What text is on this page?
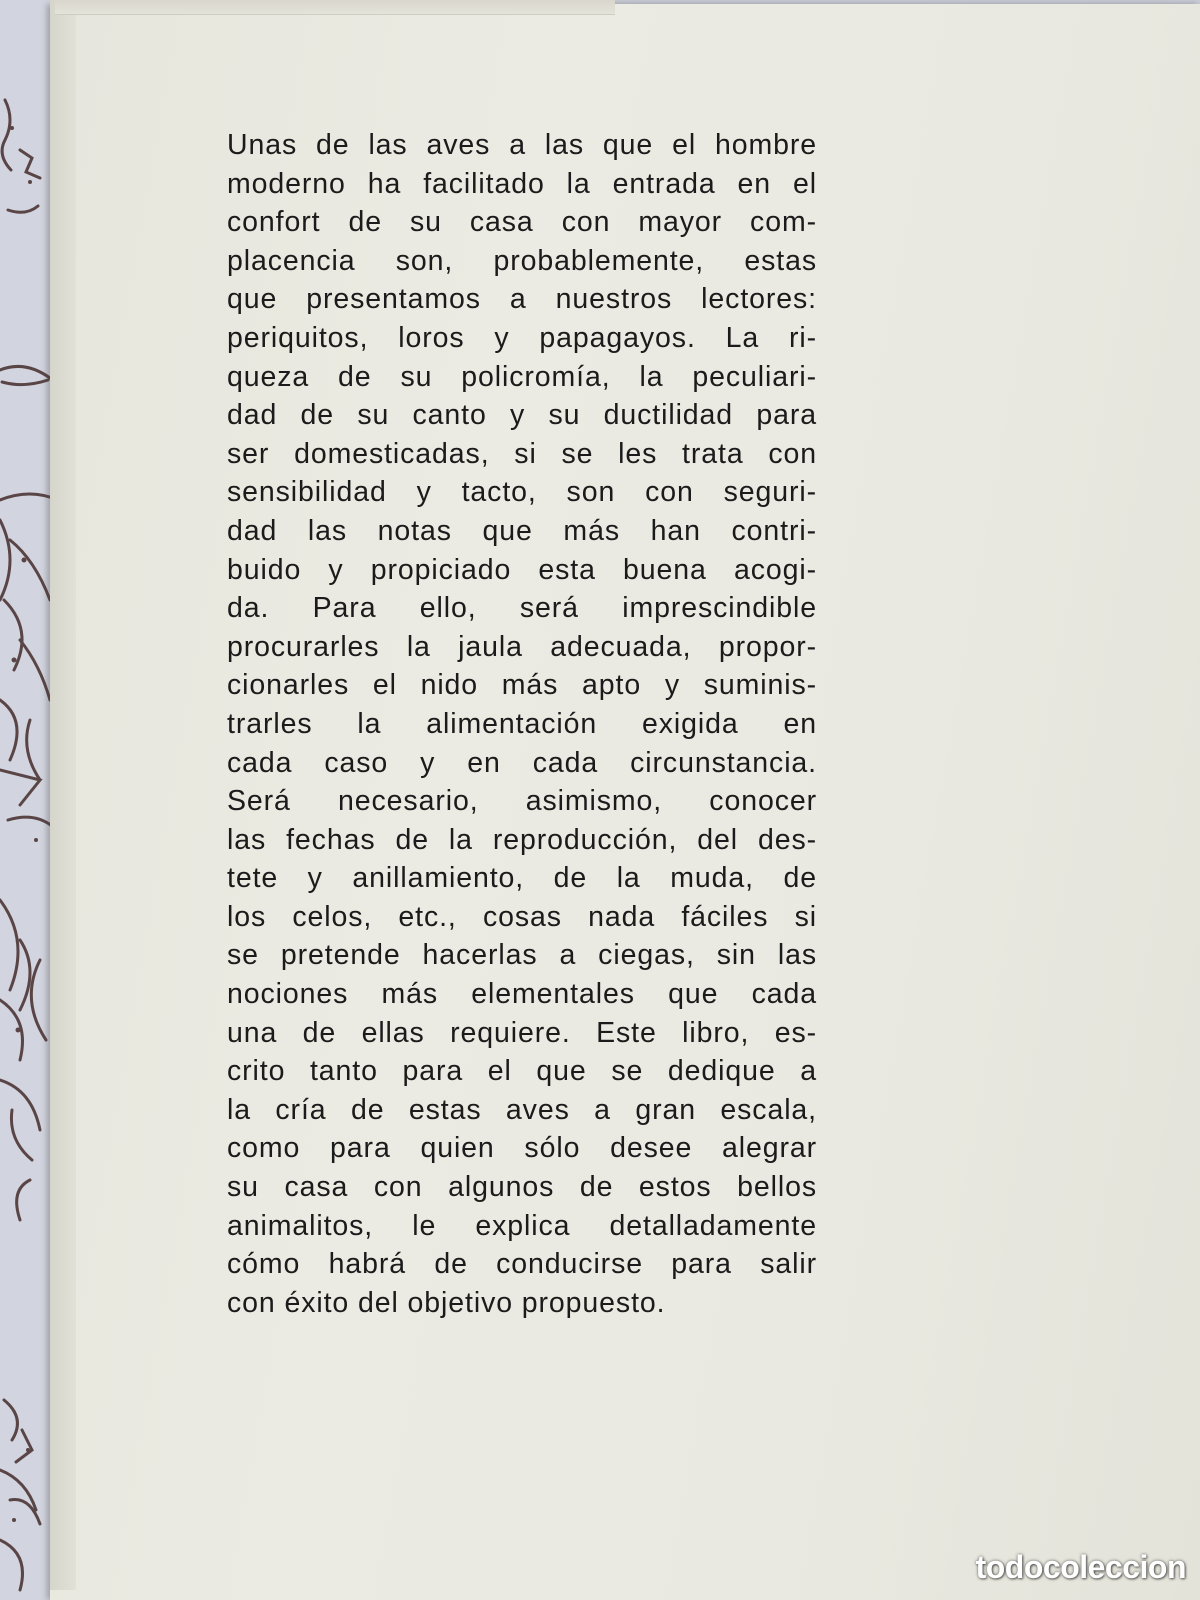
Unas de las aves a las que el hombre
moderno ha facilitado la entrada en el
confort de su casa con mayor com-
placencia son, probablemente, estas
que presentamos a nuestros lectores:
periquitos, loros y papagayos. La ri-
queza de su policromía, la peculiari-
dad de su canto y su ductilidad para
ser domesticadas, si se les trata con
sensibilidad y tacto, son con seguri-
dad las notas que más han contri-
buido y propiciado esta buena acogi-
da. Para ello, será imprescindible
procurarles la jaula adecuada, propor-
cionarles el nido más apto y suminis-
trarles la alimentación exigida en
cada caso y en cada circunstancia.
Será necesario, asimismo, conocer
las fechas de la reproducción, del des-
tete y anillamiento, de la muda, de
los celos, etc., cosas nada fáciles si
se pretende hacerlas a ciegas, sin las
nociones más elementales que cada
una de ellas requiere. Este libro, es-
crito tanto para el que se dedique a
la cría de estas aves a gran escala,
como para quien sólo desee alegrar
su casa con algunos de estos bellos
animalitos, le explica detalladamente
cómo habrá de conducirse para salir
con éxito del objetivo propuesto.
todocoleccion
